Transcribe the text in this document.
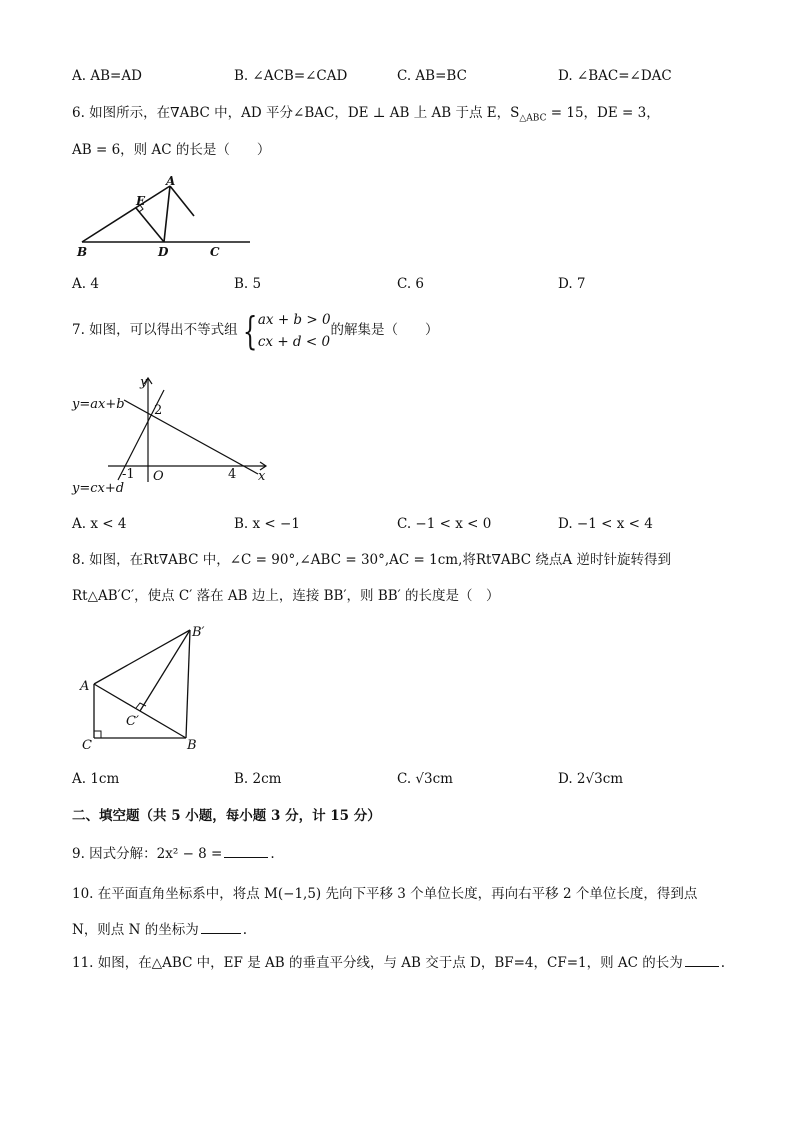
A. AB=AD	B. ∠ACB=∠CAD	C. AB=BC	D. ∠BAC=∠DAC
6. 如图所示，在∇ABC 中，AD 平分∠BAC，DE ⊥ AB 上 AB 于点 E，$S_{\triangle ABC} = 15$，DE = 3，
AB = 6，则 AC 的长是（　　）
A
B	C
D
E
A. 4	B. 5	C. 6	D. 7
7. 如图，可以得出不等式组 { ax + b > 0
cx + d < 0
的解集是（　　）
y
x
O
2
-1	4
y=ax+b
y=cx+d
A. x < 4	B. x < −1	C. −1 < x < 0	D. −1 < x < 4
8. 如图，在Rt∇ABC 中，∠C = 90°,∠ABC = 30°,AC = 1cm,将Rt∇ABC 绕点A 逆时针旋转得到
Rt△AB′C′，使点 C′ 落在 AB 边上，连接 BB′，则 BB′ 的长度是（　）
A
C	B
B′
C′
A. 1cm	B. 2cm	C. √3cm	D. 2√3cm
二、填空题（共 5 小题，每小题 3 分，计 15 分）
9. 因式分解：2x² − 8 =	.
10. 在平面直角坐标系中，将点 M(−1,5) 先向下平移 3 个单位长度，再向右平移 2 个单位长度，得到点
N，则点 N 的坐标为	.
11. 如图，在△ABC 中，EF 是 AB 的垂直平分线，与 AB 交于点 D，BF=4，CF=1，则 AC 的长为	.
